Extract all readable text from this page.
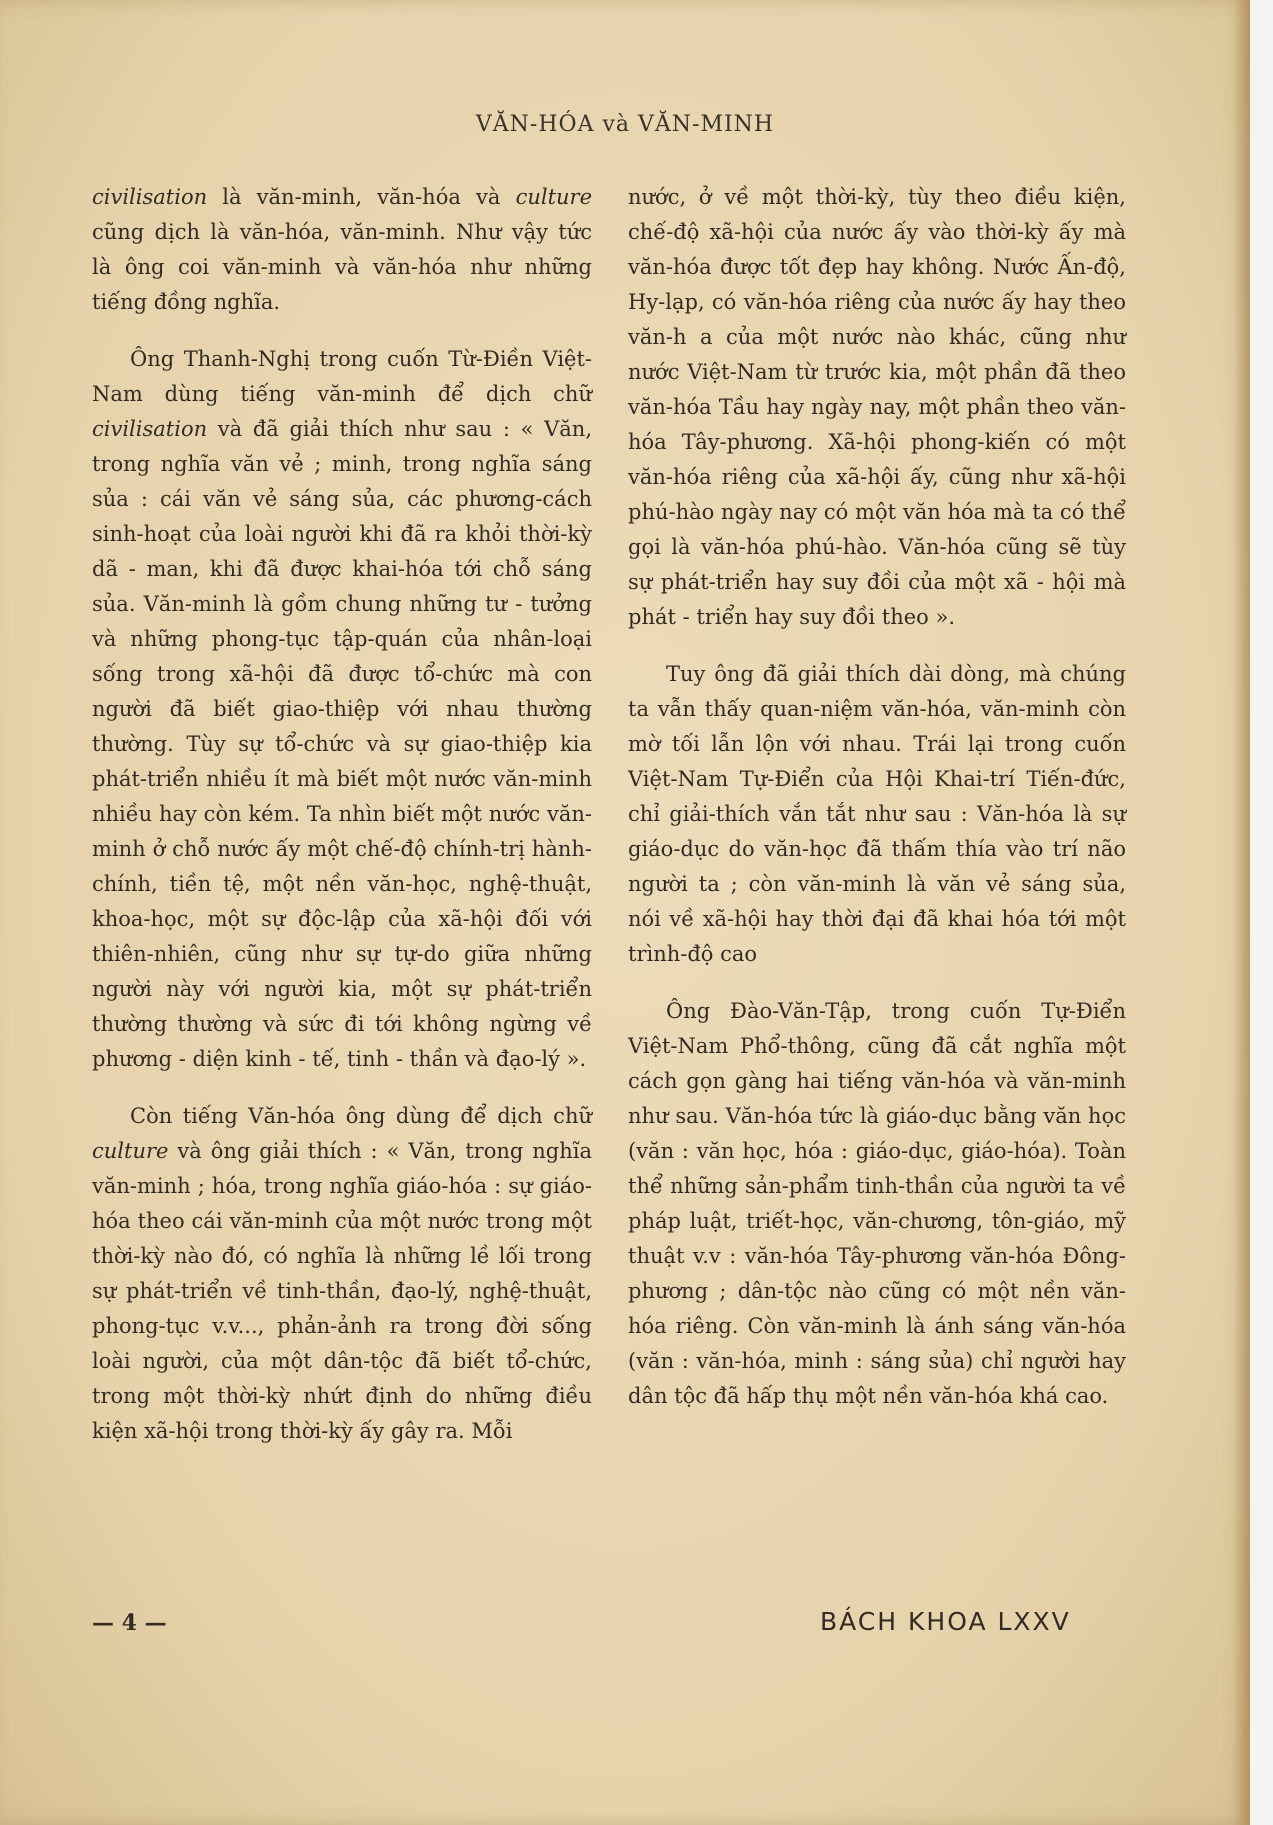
VĂN-HÓA và VĂN-MINH

civilisation là văn-minh, văn-hóa và culture cũng dịch là văn-hóa, văn-minh. Như vậy tức là ông coi văn-minh và văn-hóa như những tiếng đồng nghĩa.

Ông Thanh-Nghị trong cuốn Từ-Điền Việt-Nam dùng tiếng văn-minh để dịch chữ civilisation và đã giải thích như sau : « Văn, trong nghĩa văn vẻ ; minh, trong nghĩa sáng sủa : cái văn vẻ sáng sủa, các phương-cách sinh-hoạt của loài người khi đã ra khỏi thời-kỳ dã - man, khi đã được khai-hóa tới chỗ sáng sủa. Văn-minh là gồm chung những tư - tưởng và những phong-tục tập-quán của nhân-loại sống trong xã-hội đã được tổ-chức mà con người đã biết giao-thiệp với nhau thường thường. Tùy sự tổ-chức và sự giao-thiệp kia phát-triển nhiều ít mà biết một nước văn-minh nhiều hay còn kém. Ta nhìn biết một nước văn-minh ở chỗ nước ấy một chế-độ chính-trị hành-chính, tiền tệ, một nền văn-học, nghệ-thuật, khoa-học, một sự độc-lập của xã-hội đối với thiên-nhiên, cũng như sự tự-do giữa những người này với người kia, một sự phát-triển thường thường và sức đi tới không ngừng về phương - diện kinh - tế, tinh - thần và đạo-lý ».

Còn tiếng Văn-hóa ông dùng để dịch chữ culture và ông giải thích : « Văn, trong nghĩa văn-minh ; hóa, trong nghĩa giáo-hóa : sự giáo-hóa theo cái văn-minh của một nước trong một thời-kỳ nào đó, có nghĩa là những lề lối trong sự phát-triển về tinh-thần, đạo-lý, nghệ-thuật, phong-tục v.v..., phản-ảnh ra trong đời sống loài người, của một dân-tộc đã biết tổ-chức, trong một thời-kỳ nhứt định do những điều kiện xã-hội trong thời-kỳ ấy gây ra. Mỗi

nước, ở về một thời-kỳ, tùy theo điều kiện, chế-độ xã-hội của nước ấy vào thời-kỳ ấy mà văn-hóa được tốt đẹp hay không. Nước Ấn-độ, Hy-lạp, có văn-hóa riêng của nước ấy hay theo văn-h a của một nước nào khác, cũng như nước Việt-Nam từ trước kia, một phần đã theo văn-hóa Tầu hay ngày nay, một phần theo văn-hóa Tây-phương. Xã-hội phong-kiến có một văn-hóa riêng của xã-hội ấy, cũng như xã-hội phú-hào ngày nay có một văn hóa mà ta có thể gọi là văn-hóa phú-hào. Văn-hóa cũng sẽ tùy sự phát-triển hay suy đồi của một xã - hội mà phát - triển hay suy đồi theo ».

Tuy ông đã giải thích dài dòng, mà chúng ta vẫn thấy quan-niệm văn-hóa, văn-minh còn mờ tối lẫn lộn với nhau. Trái lại trong cuốn Việt-Nam Tự-Điển của Hội Khai-trí Tiến-đức, chỉ giải-thích vắn tắt như sau : Văn-hóa là sự giáo-dục do văn-học đã thấm thía vào trí não người ta ; còn văn-minh là văn vẻ sáng sủa, nói về xã-hội hay thời đại đã khai hóa tới một trình-độ cao

Ông Đào-Văn-Tập, trong cuốn Tự-Điển Việt-Nam Phổ-thông, cũng đã cắt nghĩa một cách gọn gàng hai tiếng văn-hóa và văn-minh như sau. Văn-hóa tức là giáo-dục bằng văn học (văn : văn học, hóa : giáo-dục, giáo-hóa). Toàn thể những sản-phẩm tinh-thần của người ta về pháp luật, triết-học, văn-chương, tôn-giáo, mỹ thuật v.v : văn-hóa Tây-phương văn-hóa Đông-phương ; dân-tộc nào cũng có một nền văn-hóa riêng. Còn văn-minh là ánh sáng văn-hóa (văn : văn-hóa, minh : sáng sủa) chỉ người hay dân tộc đã hấp thụ một nền văn-hóa khá cao.

— 4 —	BÁCH KHOA LXXV
